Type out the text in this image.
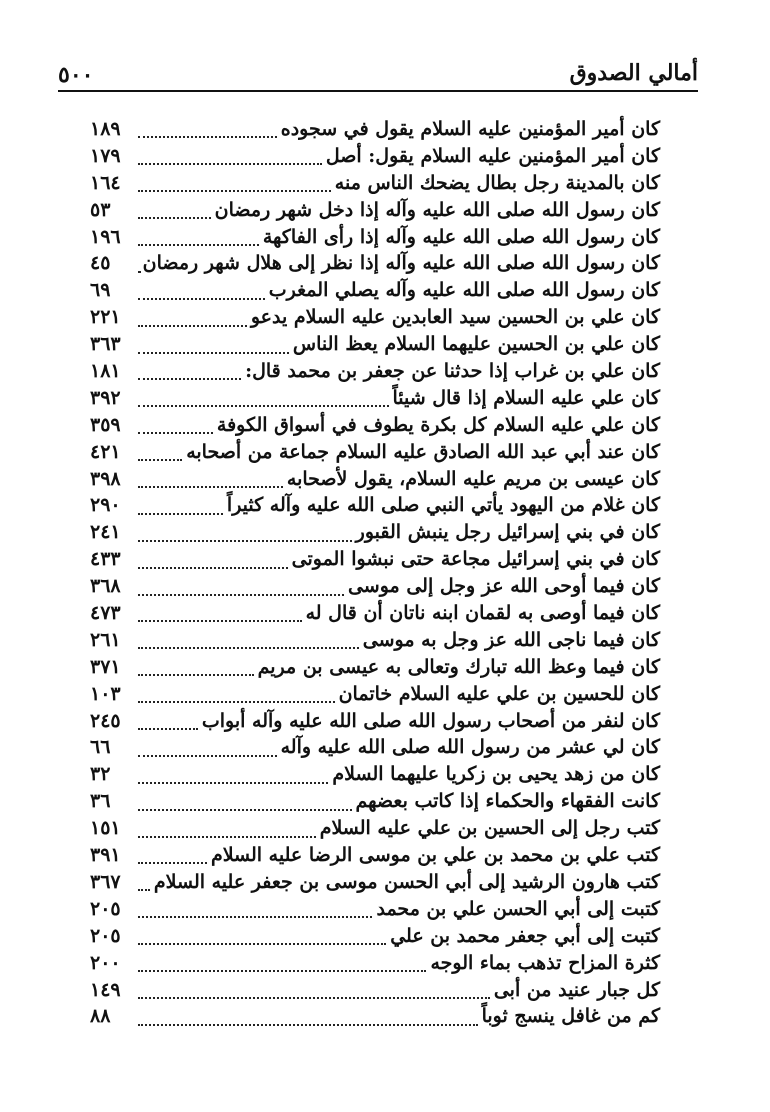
أمالي الصدوق
٥٠٠
كان أمير المؤمنين عليه السلام يقول في سجوده
١٨٩
كان أمير المؤمنين عليه السلام يقول: أصل
١٧٩
كان بالمدينة رجل بطال يضحك الناس منه
١٦٤
كان رسول الله صلى الله عليه وآله إذا دخل شهر رمضان
٥٣
كان رسول الله صلى الله عليه وآله إذا رأى الفاكهة
١٩٦
كان رسول الله صلى الله عليه وآله إذا نظر إلى هلال شهر رمضان
٤٥
كان رسول الله صلى الله عليه وآله يصلي المغرب
٦٩
كان علي بن الحسين سيد العابدين عليه السلام يدعو
٢٢١
كان علي بن الحسين عليهما السلام يعظ الناس
٣٦٣
كان علي بن غراب إذا حدثنا عن جعفر بن محمد قال:
١٨١
كان علي عليه السلام إذا قال شيئاً
٣٩٢
كان علي عليه السلام كل بكرة يطوف في أسواق الكوفة
٣٥٩
كان عند أبي عبد الله الصادق عليه السلام جماعة من أصحابه
٤٢١
كان عيسى بن مريم عليه السلام، يقول لأصحابه
٣٩٨
كان غلام من اليهود يأتي النبي صلى الله عليه وآله كثيراً
٢٩٠
كان في بني إسرائيل رجل ينبش القبور
٢٤١
كان في بني إسرائيل مجاعة حتى نبشوا الموتى
٤٣٣
كان فيما أوحى الله عز وجل إلى موسى
٣٦٨
كان فيما أوصى به لقمان ابنه ناتان أن قال له
٤٧٣
كان فيما ناجى الله عز وجل به موسى
٢٦١
كان فيما وعظ الله تبارك وتعالى به عيسى بن مريم
٣٧١
كان للحسين بن علي عليه السلام خاتمان
١٠٣
كان لنفر من أصحاب رسول الله صلى الله عليه وآله أبواب
٢٤٥
كان لي عشر من رسول الله صلى الله عليه وآله
٦٦
كان من زهد يحيى بن زكريا عليهما السلام
٣٢
كانت الفقهاء والحكماء إذا كاتب بعضهم
٣٦
كتب رجل إلى الحسين بن علي عليه السلام
١٥١
كتب علي بن محمد بن علي بن موسى الرضا عليه السلام
٣٩١
كتب هارون الرشيد إلى أبي الحسن موسى بن جعفر عليه السلام
٣٦٧
كتبت إلى أبي الحسن علي بن محمد
٢٠٥
كتبت إلى أبي جعفر محمد بن علي
٢٠٥
كثرة المزاح تذهب بماء الوجه
٢٠٠
كل جبار عنيد من أبى
١٤٩
كم من غافل ينسج ثوباً
٨٨
